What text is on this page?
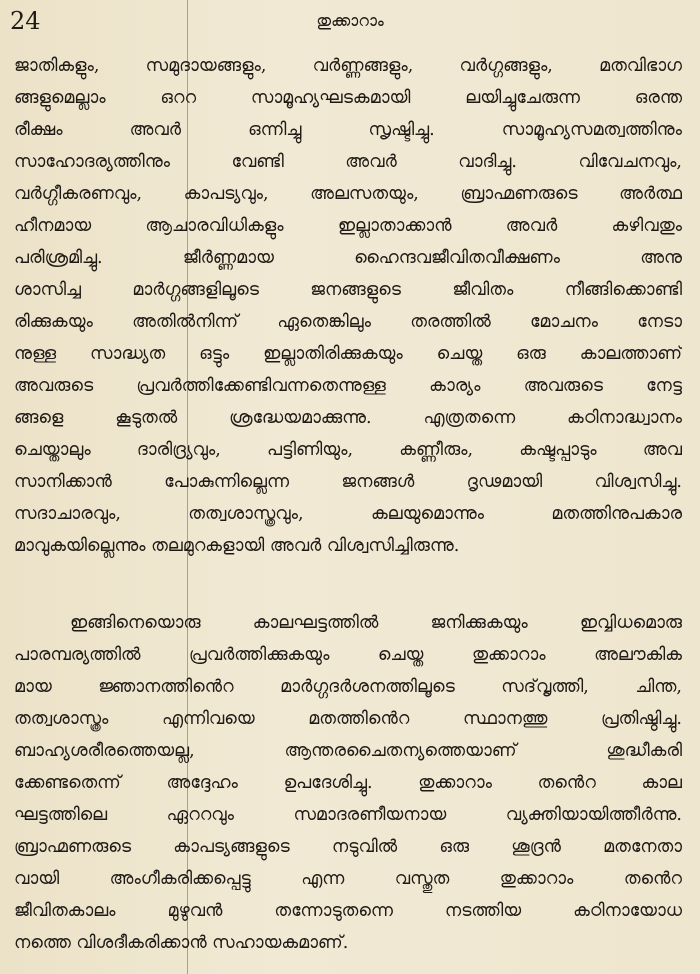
24	തുക്കാറാം
ജാതികളും, സമുദായങ്ങളും, വർണ്ണങ്ങളും, വർഗ്ഗങ്ങളും, മതവിഭാഗ
ങ്ങളുമെല്ലാം ഒററ സാമൂഹ്യഘടകമായി ലയിച്ചുചേരുന്ന ഒരന്ത
രീക്ഷം അവർ ഒന്നിച്ചു സൃഷ്ടിച്ചു. സാമൂഹ്യസമത്വത്തിനും
സാഹോദര്യത്തിനും വേണ്ടി അവർ വാദിച്ചു. വിവേചനവും,
വർഗ്ഗീകരണവും, കാപട്യവും, അലസതയും, ബ്രാഹ്മണരുടെ അർത്ഥ
ഹീനമായ ആചാരവിധികളും ഇല്ലാതാക്കാൻ അവർ കഴിവതും
പരിശ്രമിച്ചു. ജീർണ്ണമായ ഹൈന്ദവജീവിതവീക്ഷണം അനു
ശാസിച്ച മാർഗ്ഗങ്ങളിലൂടെ ജനങ്ങളുടെ ജീവിതം നീങ്ങിക്കൊണ്ടി
രിക്കുകയും അതിൽനിന്ന് ഏതെങ്കിലും തരത്തിൽ മോചനം നേടാ
നുള്ള സാദ്ധ്യത ഒട്ടും ഇല്ലാതിരിക്കുകയും ചെയ്ത ഒരു കാലത്താണ്
അവരുടെ പ്രവർത്തിക്കേണ്ടിവന്നതെന്നുള്ള കാര്യം അവരുടെ നേട്ട
ങ്ങളെ കൂടുതൽ ശ്രദ്ധേയമാക്കുന്നു. എത്രതന്നെ കഠിനാദ്ധ്വാനം
ചെയ്താലും ദാരിദ്ര്യവും, പട്ടിണിയും, കണ്ണീരും, കഷ്ടപ്പാടും അവ
സാനിക്കാൻ പോകുന്നില്ലെന്ന ജനങ്ങൾ ദൃഢമായി വിശ്വസിച്ചു.
സദാചാരവും, തത്വശാസ്ത്രവും, കലയുമൊന്നും മതത്തിനുപകാര
മാവുകയില്ലെന്നും തലമുറകളായി അവർ വിശ്വസിച്ചിരുന്നു.
ഇങ്ങിനെയൊരു കാലഘട്ടത്തിൽ ജനിക്കുകയും ഇവ്വിധമൊരു
പാരമ്പര്യത്തിൽ പ്രവർത്തിക്കുകയും ചെയ്ത തുക്കാറാം അലൗകിക
മായ ജ്ഞാനത്തിൻെറ മാർഗ്ഗദർശനത്തിലൂടെ സദ്‌വൃത്തി, ചിന്ത,
തത്വശാസ്ത്രം എന്നിവയെ മതത്തിൻെറ സ്ഥാനത്തു പ്രതിഷ്ഠിച്ചു.
ബാഹ്യശരീരത്തെയല്ല, ആന്തരചൈതന്യത്തെയാണ് ശുദ്ധീകരി
ക്കേണ്ടതെന്ന് അദ്ദേഹം ഉപദേശിച്ചു. തുക്കാറാം തൻെറ കാല
ഘട്ടത്തിലെ ഏററവും സമാദരണീയനായ വ്യക്തിയായിത്തീർന്നു.
ബ്രാഹ്മണരുടെ കാപട്യങ്ങളുടെ നടുവിൽ ഒരു ശൂദ്രൻ മതനേതാ
വായി അംഗീകരിക്കപ്പെട്ടു എന്ന വസ്തുത തുക്കാറാം തൻെറ
ജീവിതകാലം മുഴുവൻ തന്നോടുതന്നെ നടത്തിയ കഠിനായോധ
നത്തെ വിശദീകരിക്കാൻ സഹായകമാണ്.
